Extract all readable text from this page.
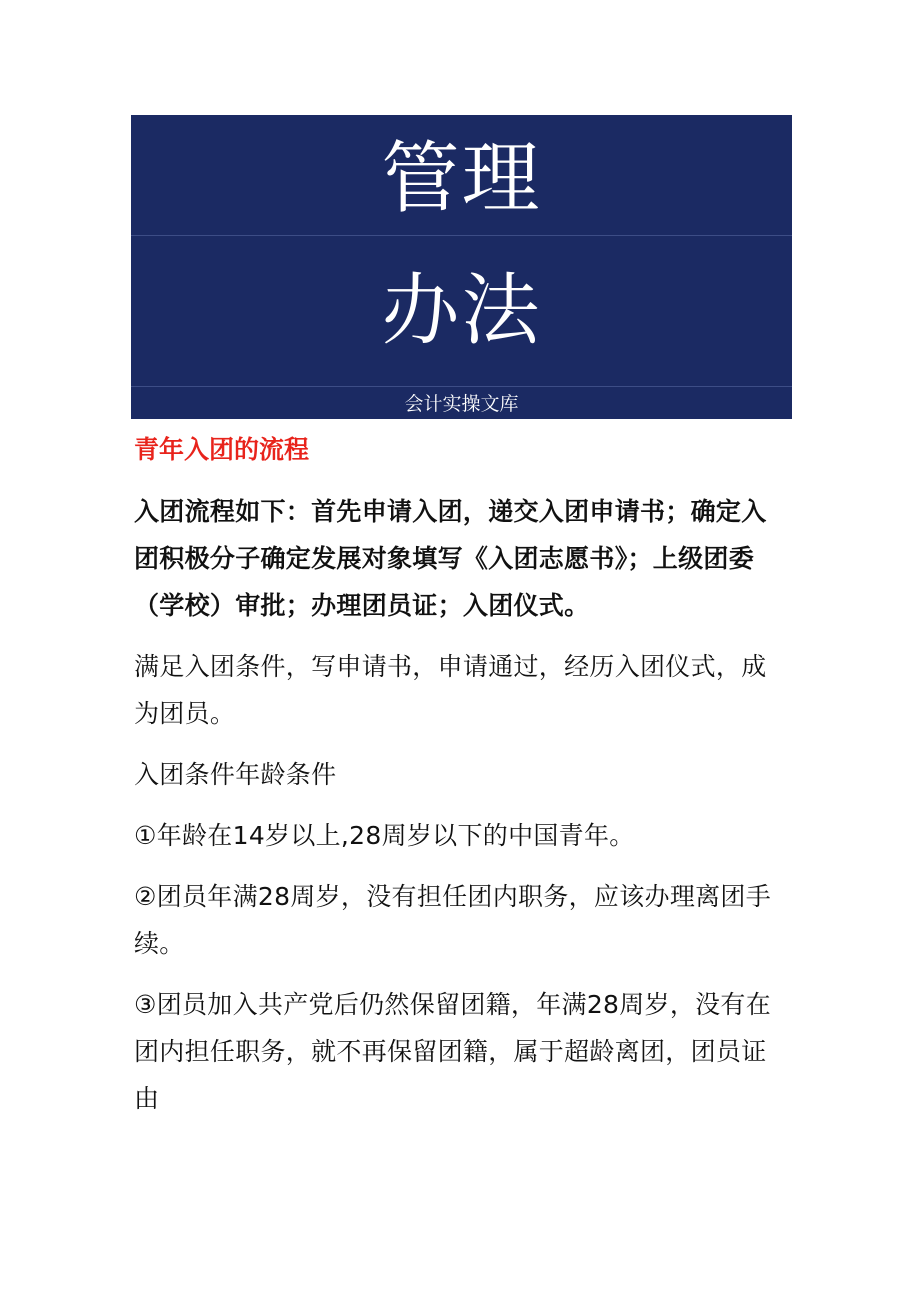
管理
办法
会计实操文库
青年入团的流程

入团流程如下：首先申请入团，递交入团申请书；确定入团积极分子确定发展对象填写《入团志愿书》；上级团委（学校）审批；办理团员证；入团仪式。

满足入团条件，写申请书，申请通过，经历入团仪式，成为团员。

入团条件年龄条件

①年龄在14岁以上,28周岁以下的中国青年。

②团员年满28周岁，没有担任团内职务，应该办理离团手续。

③团员加入共产党后仍然保留团籍，年满28周岁，没有在团内担任职务，就不再保留团籍，属于超龄离团，团员证由
